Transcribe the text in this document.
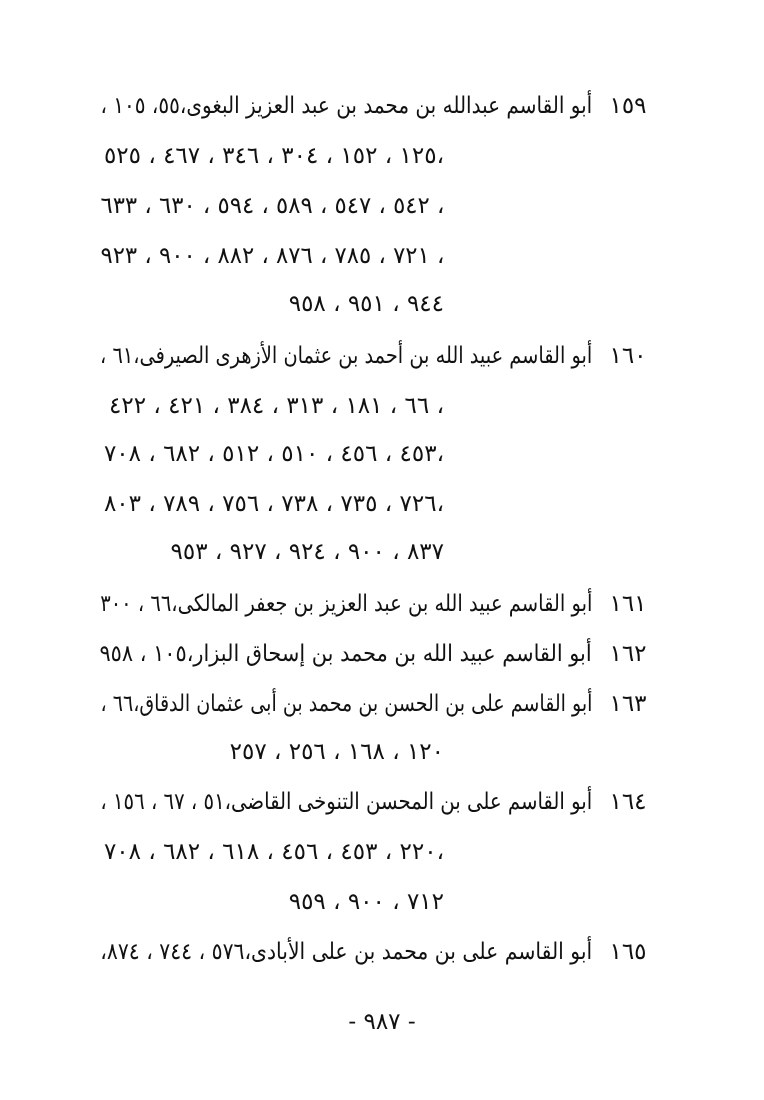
١٥٩
أبو القاسم عبدالله بن محمد بن عبد العزيز البغوى،٥٥، ١٠٥ ،
١٢٥ ، ١٥٢ ، ٣٠٤ ، ٣٤٦ ، ٤٦٧ ، ٥٢٥،
٥٤٢ ، ٥٤٧ ، ٥٨٩ ، ٥٩٤ ، ٦٣٠ ، ٦٣٣ ،
٧٢١ ، ٧٨٥ ، ٨٧٦ ، ٨٨٢ ، ٩٠٠ ، ٩٢٣ ،
٩٤٤ ، ٩٥١ ، ٩٥٨
١٦٠
أبو القاسم عبيد الله بن أحمد بن عثمان الأزهرى الصيرفى،٦١ ،
٦٦ ، ١٨١ ، ٣١٣ ، ٣٨٤ ، ٤٢١ ، ٤٢٢ ،
٤٥٣ ، ٤٥٦ ، ٥١٠ ، ٥١٢ ، ٦٨٢ ، ٧٠٨،
٧٢٦ ، ٧٣٥ ، ٧٣٨ ، ٧٥٦ ، ٧٨٩ ، ٨٠٣،
٨٣٧ ، ٩٠٠ ، ٩٢٤ ، ٩٢٧ ، ٩٥٣
١٦١
أبو القاسم عبيد الله بن عبد العزيز بن جعفر المالكى،٦٦ ، ٣٠٠
١٦٢
أبو القاسم عبيد الله بن محمد بن إسحاق البزار،١٠٥ ، ٩٥٨
١٦٣
أبو القاسم على بن الحسن بن محمد بن أبى عثمان الدقاق،٦٦ ،
١٢٠ ، ١٦٨ ، ٢٥٦ ، ٢٥٧
١٦٤
أبو القاسم على بن المحسن التنوخى القاضى،٥١ ، ٦٧ ، ١٥٦ ،
٢٢٠ ، ٤٥٣ ، ٤٥٦ ، ٦١٨ ، ٦٨٢ ، ٧٠٨،
٧١٢ ، ٩٠٠ ، ٩٥٩
١٦٥
أبو القاسم على بن محمد بن على الأبادى،٥٧٦ ، ٧٤٤ ، ٨٧٤،
- ٩٨٧ -
